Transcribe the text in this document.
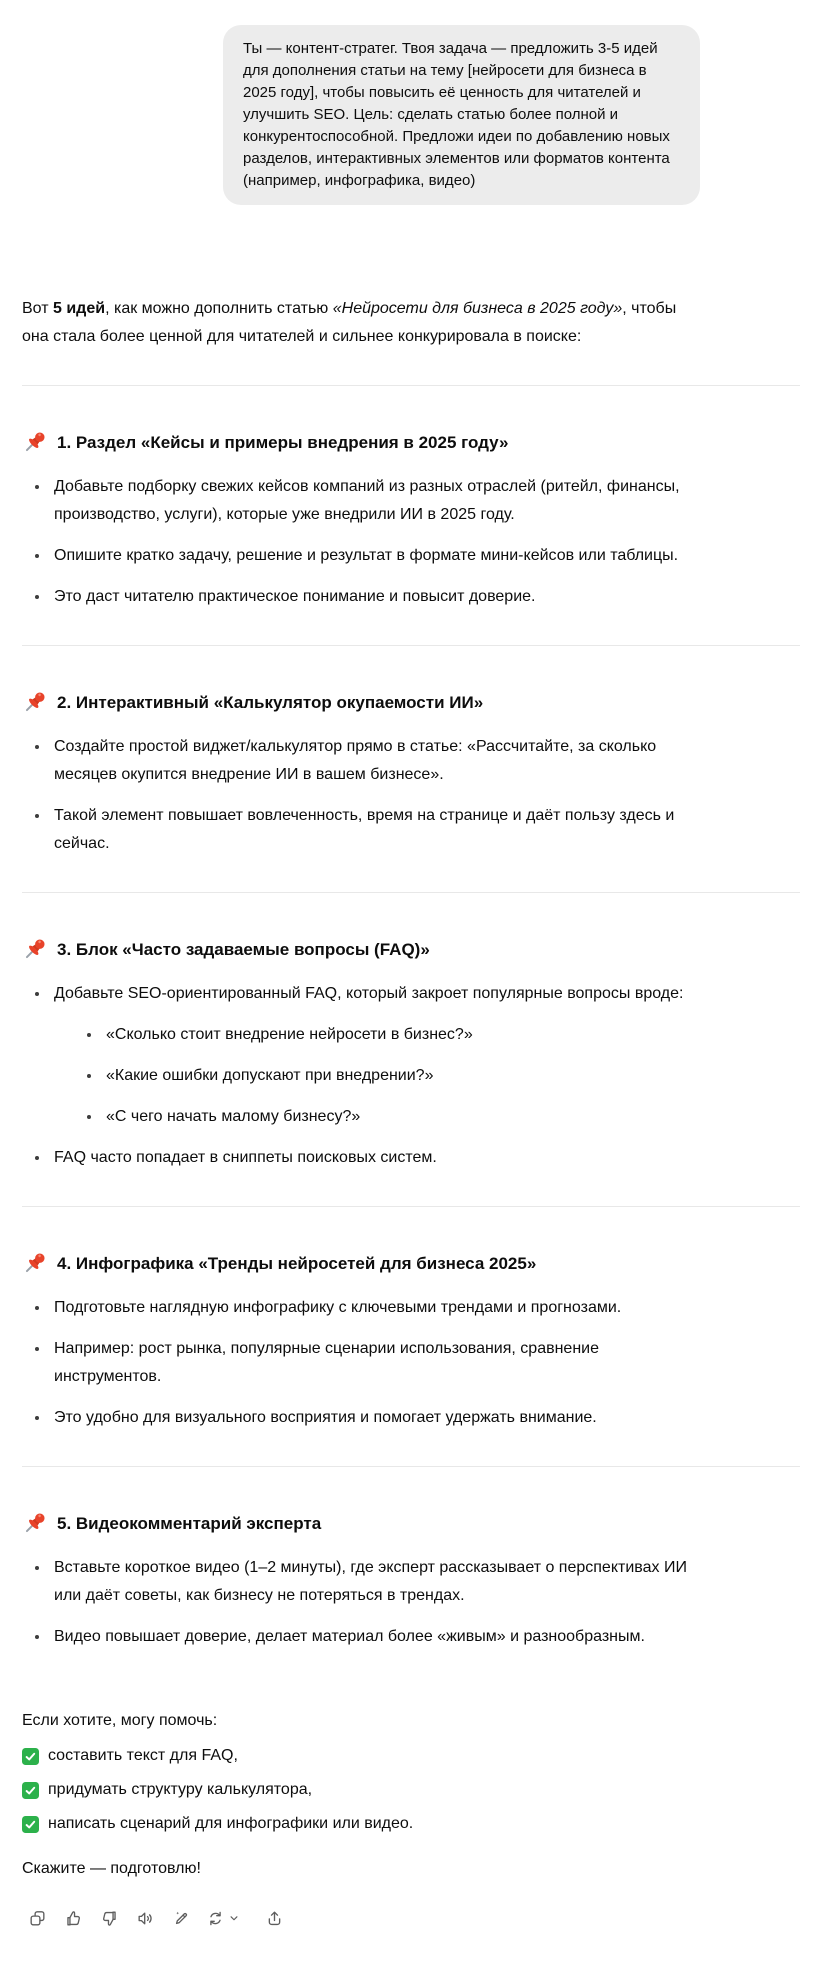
Ты — контент-стратег. Твоя задача — предложить 3-5 идей для дополнения статьи на тему [нейросети для бизнеса в 2025 году], чтобы повысить её ценность для читателей и улучшить SEO. Цель: сделать статью более полной и конкурентоспособной. Предложи идеи по добавлению новых разделов, интерактивных элементов или форматов контента (например, инфографика, видео)

Вот 5 идей, как можно дополнить статью «Нейросети для бизнеса в 2025 году», чтобы она стала более ценной для читателей и сильнее конкурировала в поиске:

1. Раздел «Кейсы и примеры внедрения в 2025 году»
• Добавьте подборку свежих кейсов компаний из разных отраслей (ритейл, финансы, производство, услуги), которые уже внедрили ИИ в 2025 году.
• Опишите кратко задачу, решение и результат в формате мини-кейсов или таблицы.
• Это даст читателю практическое понимание и повысит доверие.
2. Интерактивный «Калькулятор окупаемости ИИ»
• Создайте простой виджет/калькулятор прямо в статье: «Рассчитайте, за сколько месяцев окупится внедрение ИИ в вашем бизнесе».
• Такой элемент повышает вовлеченность, время на странице и даёт пользу здесь и сейчас.
3. Блок «Часто задаваемые вопросы (FAQ)»
• Добавьте SEO-ориентированный FAQ, который закроет популярные вопросы вроде:
• «Сколько стоит внедрение нейросети в бизнес?»
• «Какие ошибки допускают при внедрении?»
• «С чего начать малому бизнесу?»
• FAQ часто попадает в сниппеты поисковых систем.
4. Инфографика «Тренды нейросетей для бизнеса 2025»
• Подготовьте наглядную инфографику с ключевыми трендами и прогнозами.
• Например: рост рынка, популярные сценарии использования, сравнение инструментов.
• Это удобно для визуального восприятия и помогает удержать внимание.
5. Видеокомментарий эксперта
• Вставьте короткое видео (1–2 минуты), где эксперт рассказывает о перспективах ИИ или даёт советы, как бизнесу не потеряться в трендах.
• Видео повышает доверие, делает материал более «живым» и разнообразным.

Если хотите, могу помочь:

составить текст для FAQ,
придумать структуру калькулятора,
написать сценарий для инфографики или видео.

Скажите — подготовлю!
